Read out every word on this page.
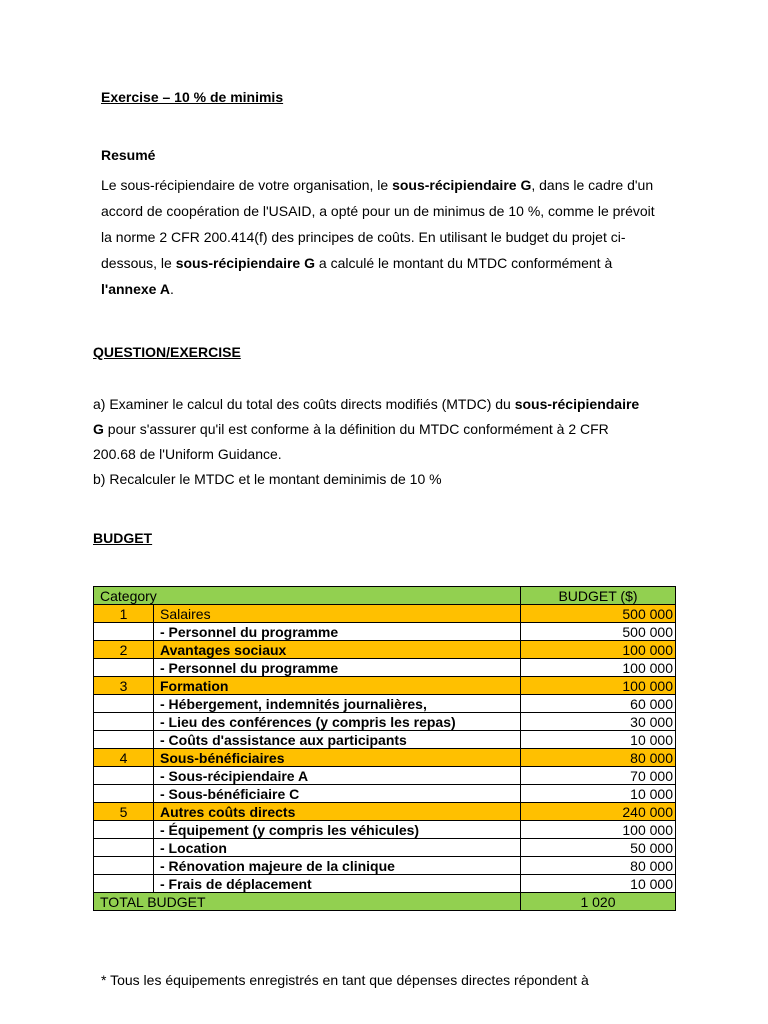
Exercise – 10 % de minimis
Resumé
Le sous-récipiendaire de votre organisation, le sous-récipiendaire G, dans le cadre d'un accord de coopération de l'USAID, a opté pour un de minimus de 10 %, comme le prévoit la norme 2 CFR 200.414(f) des principes de coûts. En utilisant le budget du projet ci-dessous, le sous-récipiendaire G a calculé le montant du MTDC conformément à l'annexe A.
QUESTION/EXERCISE
a) Examiner le calcul du total des coûts directs modifiés (MTDC) du sous-récipiendaire G pour s'assurer qu'il est conforme à la définition du MTDC conformément à 2 CFR 200.68 de l'Uniform Guidance.
b) Recalculer le MTDC et le montant deminimis de 10 %
BUDGET
Category		BUDGET ($)
1	Salaires	500 000
	- Personnel du programme	500 000
2	Avantages sociaux	100 000
	- Personnel du programme	100 000
3	Formation	100 000
	- Hébergement, indemnités journalières,	60 000
	- Lieu des conférences (y compris les repas)	30 000
	- Coûts d'assistance aux participants	10 000
4	Sous-bénéficiaires	80 000
	- Sous-récipiendaire A	70 000
	- Sous-bénéficiaire C	10 000
5	Autres coûts directs	240 000
	- Équipement (y compris les véhicules)	100 000
	- Location	50 000
	- Rénovation majeure de la clinique	80 000
	- Frais de déplacement	10 000
TOTAL BUDGET		1 020
* Tous les équipements enregistrés en tant que dépenses directes répondent à
